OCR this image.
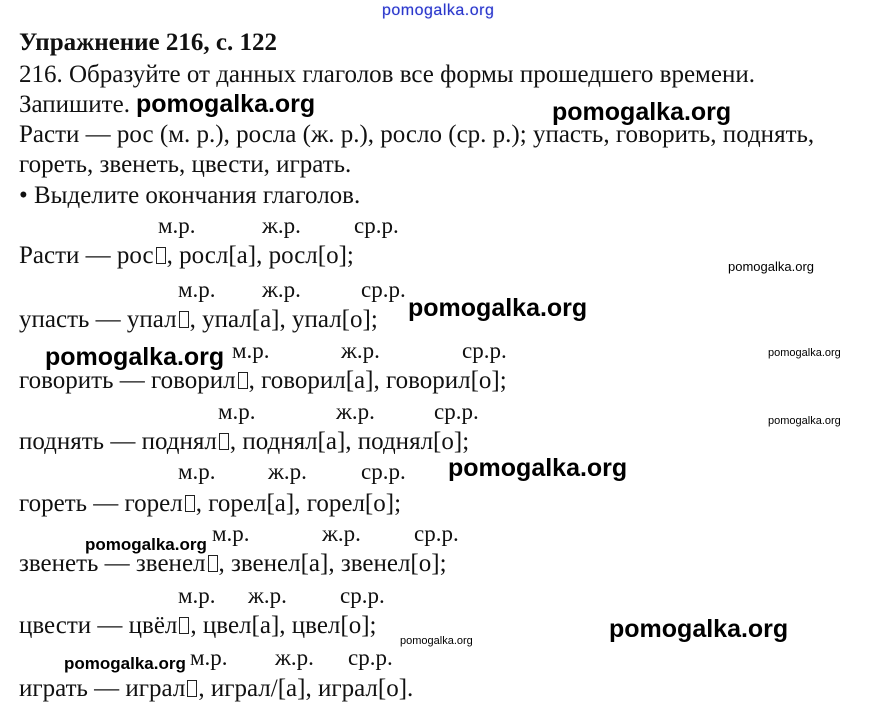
pomogalka.org
Упражнение 216, с. 122
216. Образуйте от данных глаголов все формы прошедшего времени.
Запишите.
Расти — рос (м. р.), росла (ж. р.), росло (ср. р.); упасть, говорить, поднять,
гореть, звенеть, цвести, играть.
• Выделите окончания глаголов.
м.р.	ж.р. ср.р.
Расти — рос , росл[а], росл[о];
м.р. ж.р.	ср.р.
упасть — упал , упал[а], упал[о];
м.р.	ж.р.	ср.р.
говорить — говорил , говорил[а], говорил[о];
м.р.	ж.р.	ср.р.
поднять — поднял , поднял[а], поднял[о];
м.р. ж.р. ср.р.
гореть — горел , горел[а], горел[о];
м.р.	ж.р. ср.р.
звенеть — звенел , звенел[а], звенел[о];
м.р. ж.р. ср.р.
цвести — цвёл , цвел[а], цвел[о];
м.р. ж.р. ср.р.
играть — играл , играл/[а], играл[о].
pomogalka.org	pomogalka.org
pomogalka.org
pomogalka.org
pomogalka.org	pomogalka.org
pomogalka.org
pomogalka.org
pomogalka.org
pomogalka.org
pomogalka.org
pomogalka.org
